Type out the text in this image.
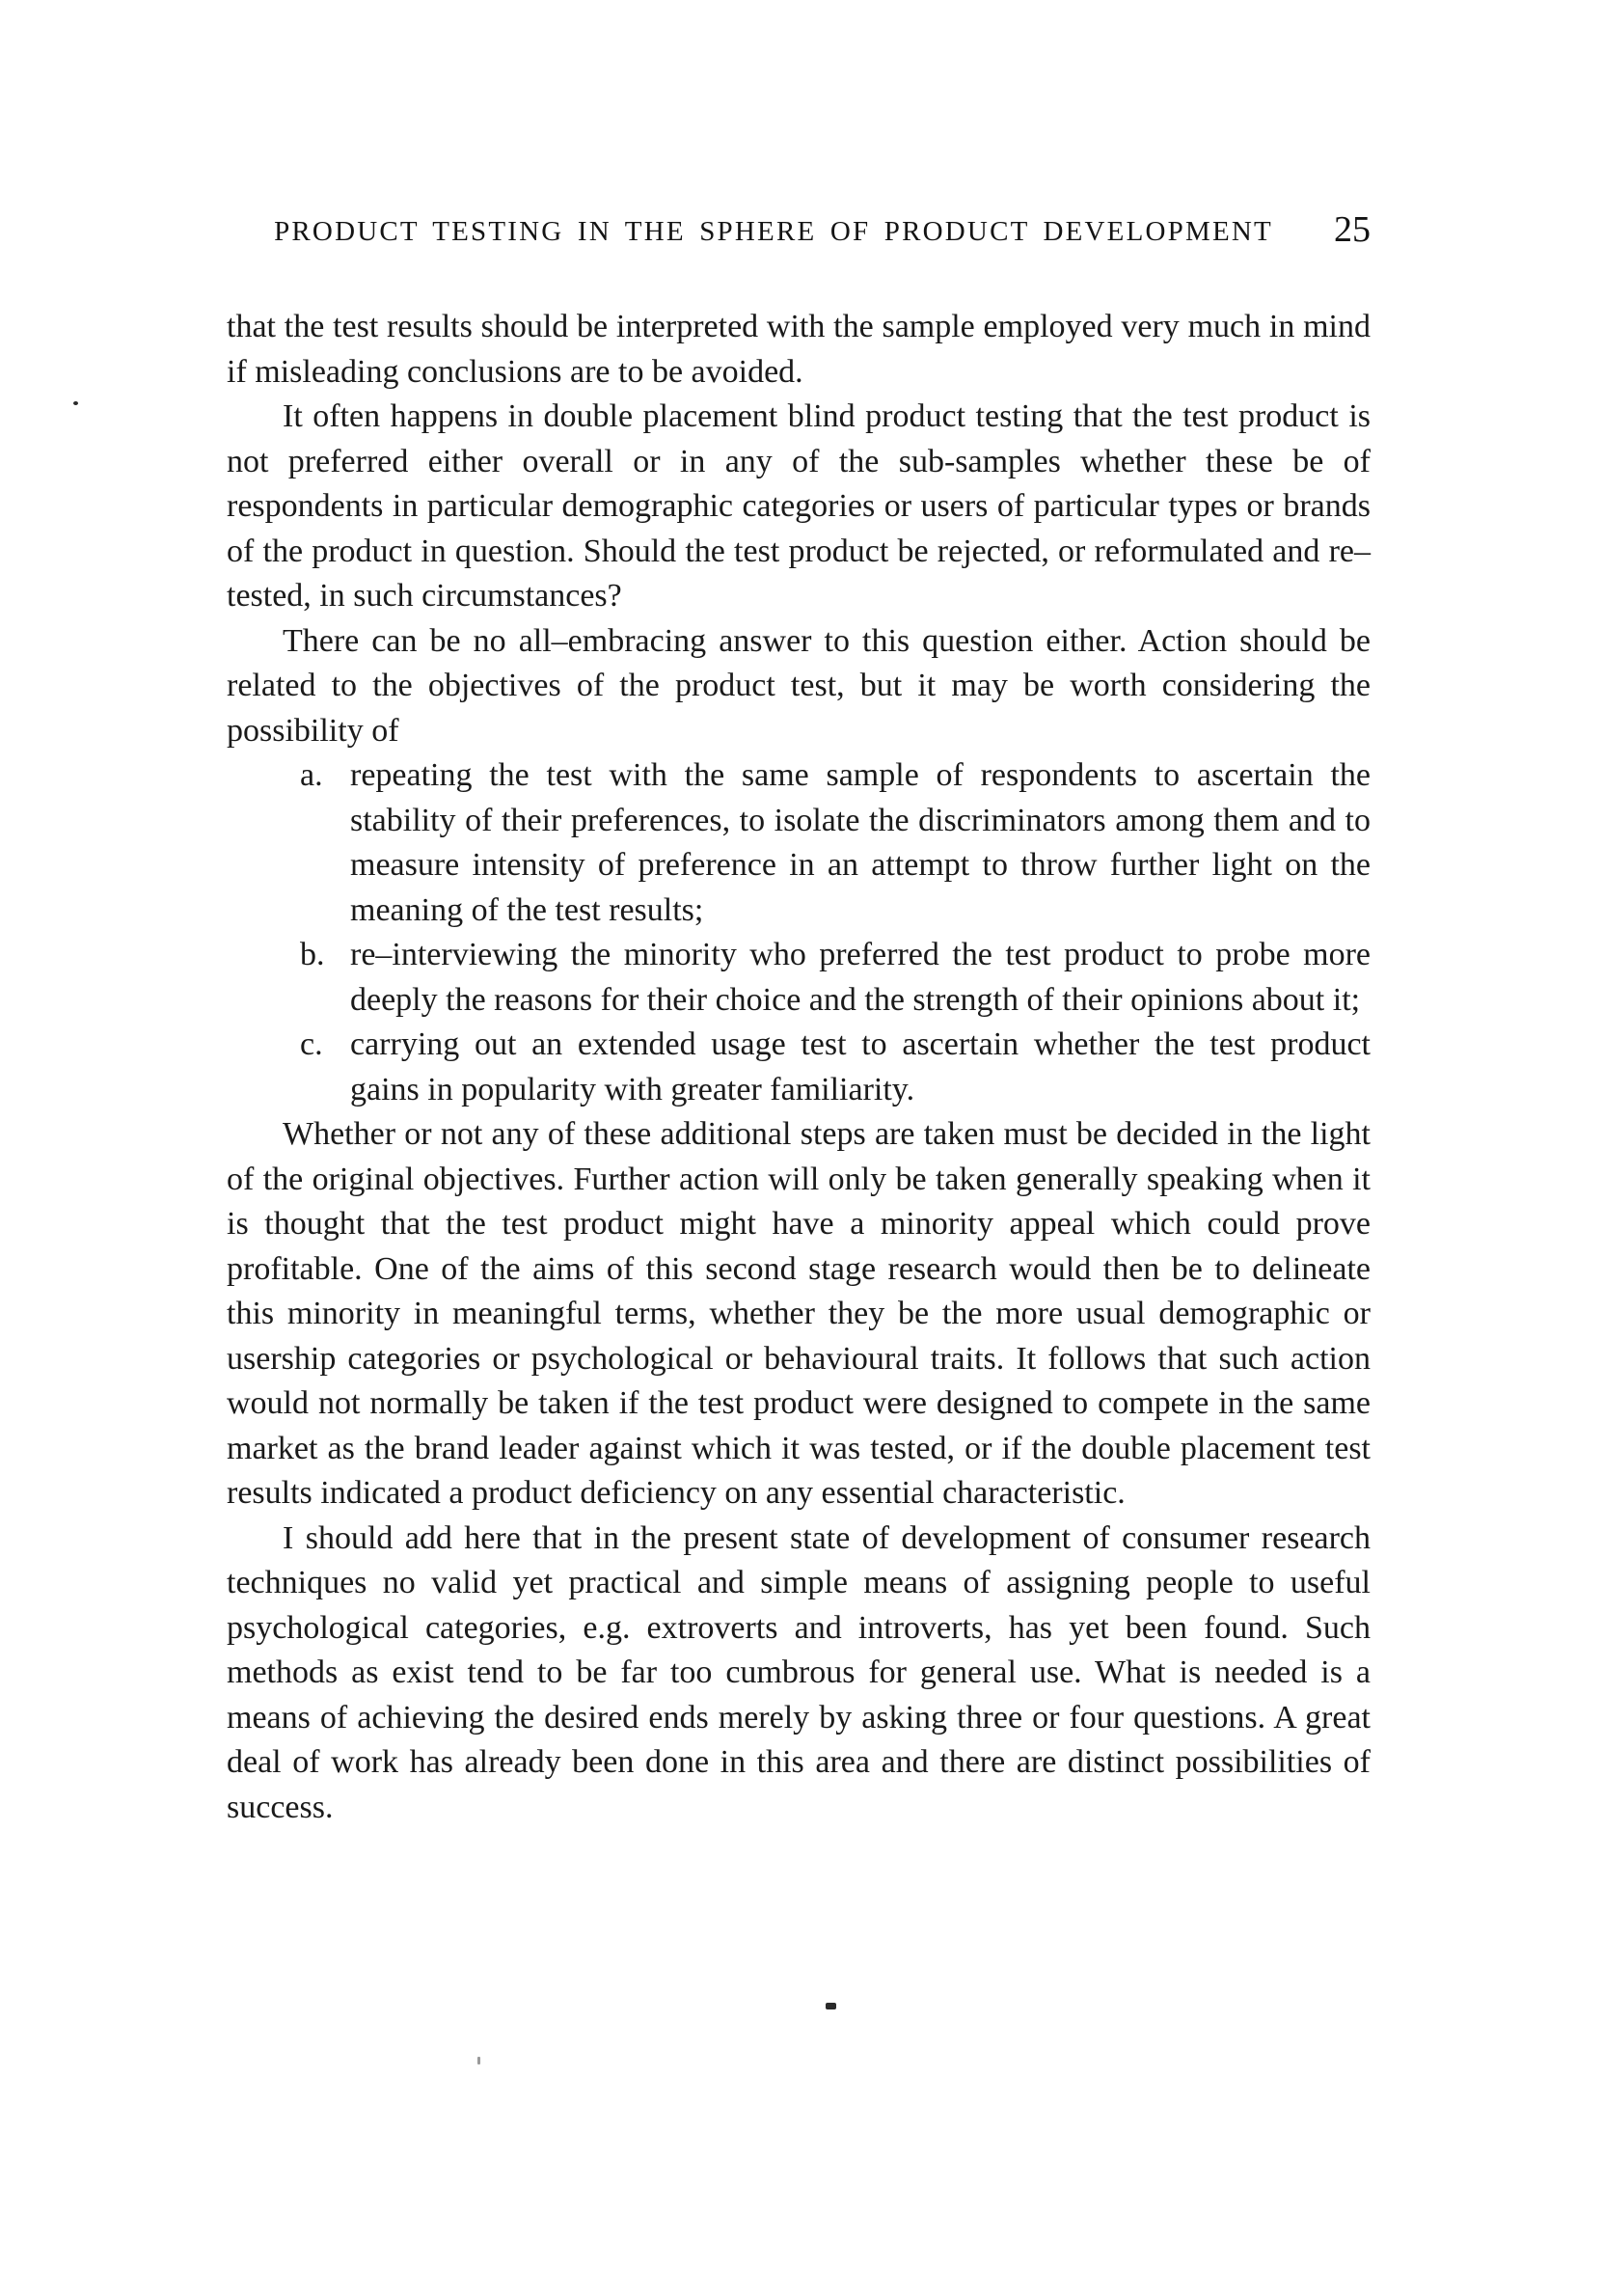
PRODUCT TESTING IN THE SPHERE OF PRODUCT DEVELOPMENT 25

that the test results should be interpreted with the sample employed very much in mind if misleading conclusions are to be avoided.

It often happens in double placement blind product testing that the test product is not preferred either overall or in any of the sub-samples whether these be of respondents in particular demographic categories or users of particular types or brands of the product in question. Should the test product be rejected, or reformulated and re–tested, in such circumstances?

There can be no all–embracing answer to this question either. Action should be related to the objectives of the product test, but it may be worth considering the possibility of

a. repeating the test with the same sample of respondents to ascertain the stability of their preferences, to isolate the discriminators among them and to measure intensity of preference in an attempt to throw further light on the meaning of the test results;
b. re–interviewing the minority who preferred the test product to probe more deeply the reasons for their choice and the strength of their opinions about it;
c. carrying out an extended usage test to ascertain whether the test product gains in popularity with greater familiarity.

Whether or not any of these additional steps are taken must be decided in the light of the original objectives. Further action will only be taken generally speaking when it is thought that the test product might have a minority appeal which could prove profitable. One of the aims of this second stage research would then be to delineate this minority in meaningful terms, whether they be the more usual demographic or usership categories or psychological or behavioural traits. It follows that such action would not normally be taken if the test product were designed to compete in the same market as the brand leader against which it was tested, or if the double placement test results indicated a product deficiency on any essential characteristic.

I should add here that in the present state of development of consumer research techniques no valid yet practical and simple means of assigning people to useful psychological categories, e.g. extroverts and introverts, has yet been found. Such methods as exist tend to be far too cumbrous for general use. What is needed is a means of achieving the desired ends merely by asking three or four questions. A great deal of work has already been done in this area and there are distinct possibilities of success.
